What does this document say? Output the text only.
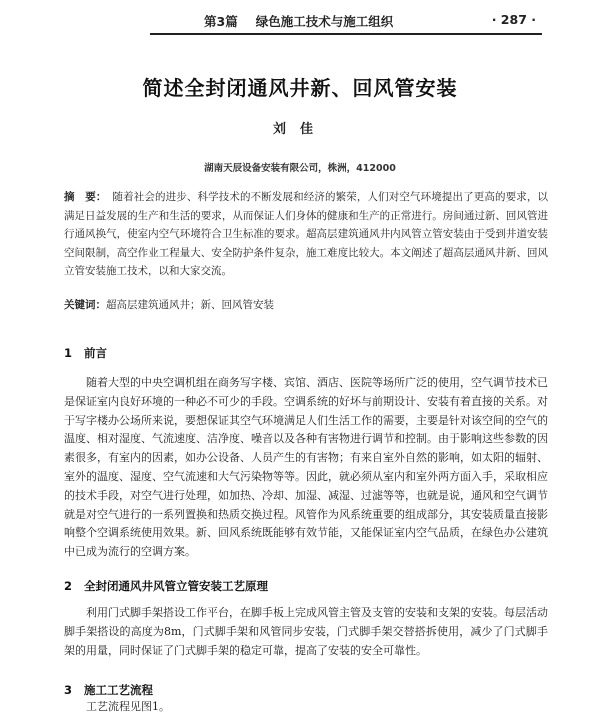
第3篇 绿色施工技术与施工组织	· 287 ·
简述全封闭通风井新、回风管安装
刘佳
湖南天辰设备安装有限公司，株洲，412000
摘　要： 随着社会的进步、科学技术的不断发展和经济的繁荣，人们对空气环境提出了更高的要求，以满足日益发展的生产和生活的要求，从而保证人们身体的健康和生产的正常进行。房间通过新、回风管进行通风换气，使室内空气环境符合卫生标准的要求。超高层建筑通风井内风管立管安装由于受到井道安装空间限制，高空作业工程量大、安全防护条件复杂，施工难度比较大。本文阐述了超高层通风井新、回风立管安装施工技术，以和大家交流。
关键词：超高层建筑通风井；新、回风管安装
1 前言
随着大型的中央空调机组在商务写字楼、宾馆、酒店、医院等场所广泛的使用，空气调节技术已是保证室内良好环境的一种必不可少的手段。空调系统的好坏与前期设计、安装有着直接的关系。对于写字楼办公场所来说，要想保证其空气环境满足人们生活工作的需要，主要是针对该空间的空气的温度、相对湿度、气流速度、洁净度、噪音以及各种有害物进行调节和控制。由于影响这些参数的因素很多，有室内的因素，如办公设备、人员产生的有害物；有来自室外自然的影响，如太阳的辐射、室外的温度、湿度、空气流速和大气污染物等等。因此，就必须从室内和室外两方面入手，采取相应的技术手段，对空气进行处理，如加热、冷却、加湿、减湿、过滤等等，也就是说，通风和空气调节就是对空气进行的一系列置换和热质交换过程。风管作为风系统重要的组成部分，其安装质量直接影响整个空调系统使用效果。新、回风系统既能够有效节能，又能保证室内空气品质，在绿色办公建筑中已成为流行的空调方案。
2 全封闭通风井风管立管安装工艺原理
利用门式脚手架搭设工作平台，在脚手板上完成风管主管及支管的安装和支架的安装。每层活动脚手架搭设的高度为8m，门式脚手架和风管同步安装，门式脚手架交替搭拆使用，减少了门式脚手架的用量，同时保证了门式脚手架的稳定可靠，提高了安装的安全可靠性。
3 施工工艺流程
工艺流程见图1。
